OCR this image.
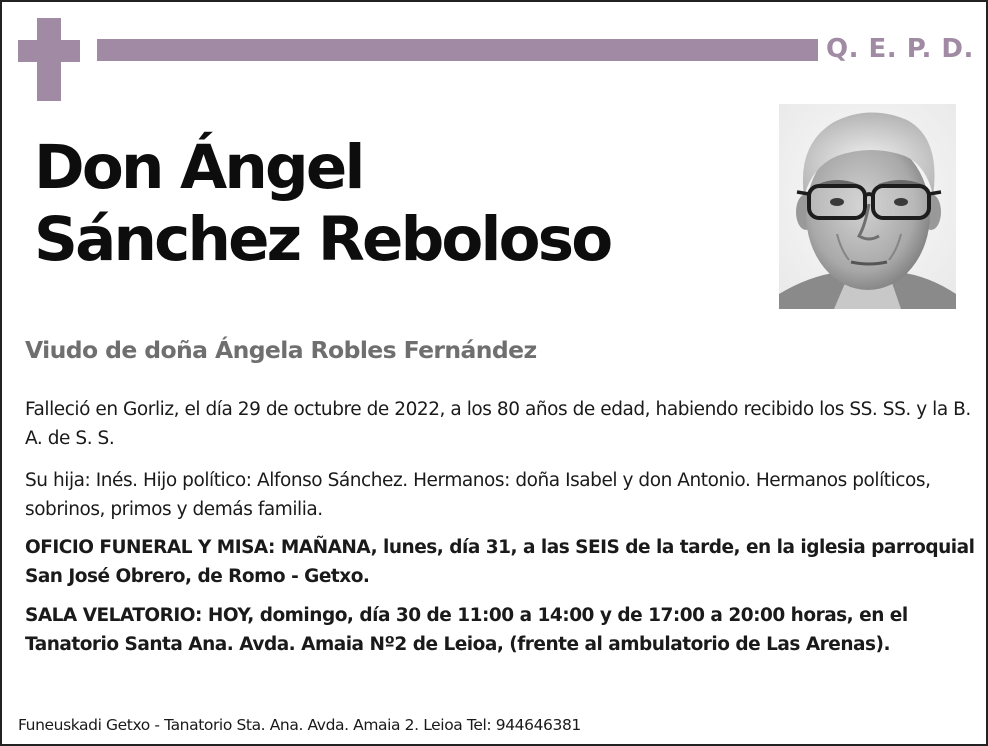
Q. E. P. D.
Don Ángel
Sánchez Reboloso
Viudo de doña Ángela Robles Fernández
Falleció en Gorliz, el día 29 de octubre de 2022, a los 80 años de edad, habiendo recibido los SS. SS. y la B. A. de S. S.
Su hija: Inés. Hijo político: Alfonso Sánchez. Hermanos: doña Isabel y don Antonio. Hermanos políticos, sobrinos, primos y demás familia.
OFICIO FUNERAL Y MISA: MAÑANA, lunes, día 31, a las SEIS de la tarde, en la iglesia parroquial San José Obrero, de Romo - Getxo.
SALA VELATORIO: HOY, domingo, día 30 de 11:00 a 14:00 y de 17:00 a 20:00 horas, en el Tanatorio Santa Ana. Avda. Amaia Nº2 de Leioa, (frente al ambulatorio de Las Arenas).
Funeuskadi Getxo - Tanatorio Sta. Ana. Avda. Amaia 2. Leioa Tel: 944646381
